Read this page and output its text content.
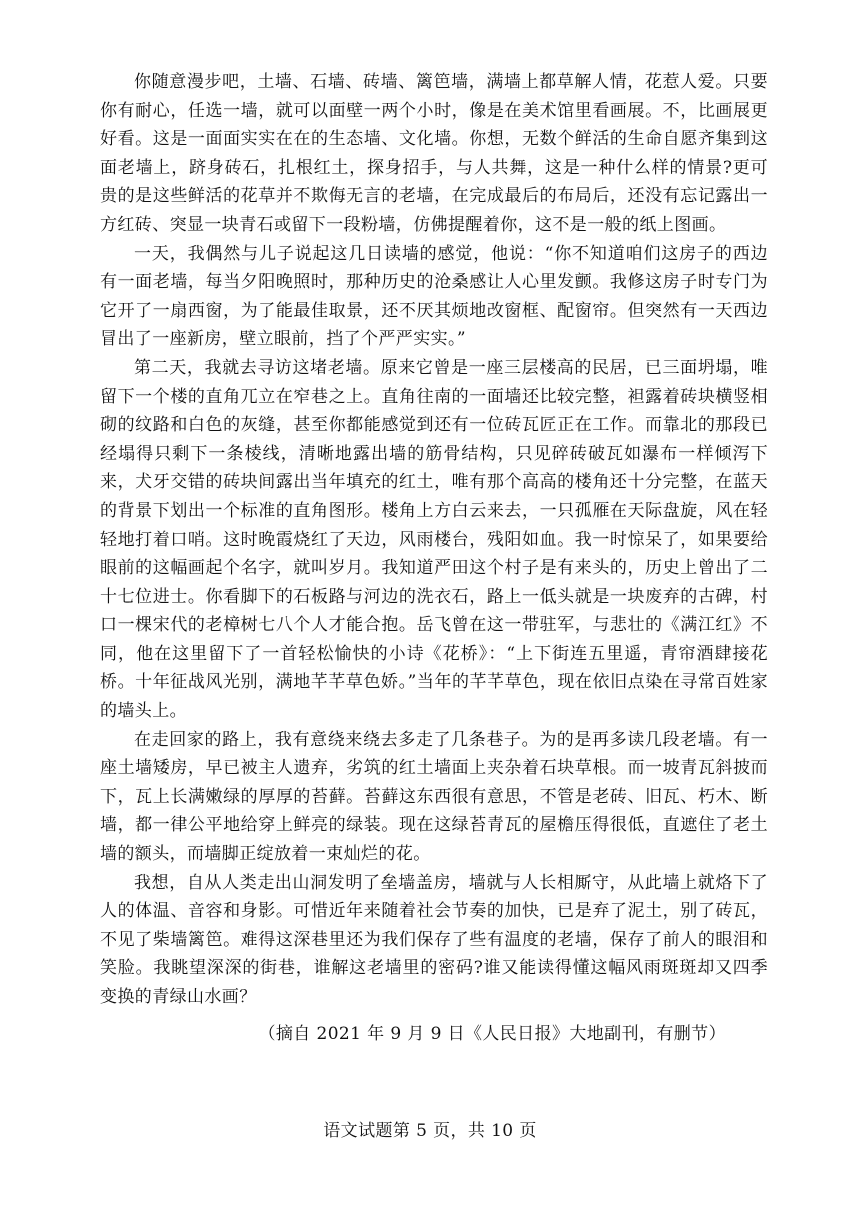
你随意漫步吧，土墙、石墙、砖墙、篱笆墙，满墙上都草解人情，花惹人爱。只要你有耐心，任选一墙，就可以面壁一两个小时，像是在美术馆里看画展。不，比画展更好看。这是一面面实实在在的生态墙、文化墙。你想，无数个鲜活的生命自愿齐集到这面老墙上，跻身砖石，扎根红土，探身招手，与人共舞，这是一种什么样的情景?更可贵的是这些鲜活的花草并不欺侮无言的老墙，在完成最后的布局后，还没有忘记露出一方红砖、突显一块青石或留下一段粉墙，仿佛提醒着你，这不是一般的纸上图画。

一天，我偶然与儿子说起这几日读墙的感觉，他说：“你不知道咱们这房子的西边有一面老墙，每当夕阳晚照时，那种历史的沧桑感让人心里发颤。我修这房子时专门为它开了一扇西窗，为了能最佳取景，还不厌其烦地改窗框、配窗帘。但突然有一天西边冒出了一座新房，壁立眼前，挡了个严严实实。”

第二天，我就去寻访这堵老墙。原来它曾是一座三层楼高的民居，已三面坍塌，唯留下一个楼的直角兀立在窄巷之上。直角往南的一面墙还比较完整，袒露着砖块横竖相砌的纹路和白色的灰缝，甚至你都能感觉到还有一位砖瓦匠正在工作。而靠北的那段已经塌得只剩下一条棱线，清晰地露出墙的筋骨结构，只见碎砖破瓦如瀑布一样倾泻下来，犬牙交错的砖块间露出当年填充的红土，唯有那个高高的楼角还十分完整，在蓝天的背景下划出一个标准的直角图形。楼角上方白云来去，一只孤雁在天际盘旋，风在轻轻地打着口哨。这时晚霞烧红了天边，风雨楼台，残阳如血。我一时惊呆了，如果要给眼前的这幅画起个名字，就叫岁月。我知道严田这个村子是有来头的，历史上曾出了二十七位进士。你看脚下的石板路与河边的洗衣石，路上一低头就是一块废弃的古碑，村口一棵宋代的老樟树七八个人才能合抱。岳飞曾在这一带驻军，与悲壮的《满江红》不同，他在这里留下了一首轻松愉快的小诗《花桥》：“上下街连五里遥，青帘酒肆接花桥。十年征战风光别，满地芊芊草色娇。”当年的芊芊草色，现在依旧点染在寻常百姓家的墙头上。

在走回家的路上，我有意绕来绕去多走了几条巷子。为的是再多读几段老墙。有一座土墙矮房，早已被主人遗弃，劣筑的红土墙面上夹杂着石块草根。而一坡青瓦斜披而下，瓦上长满嫩绿的厚厚的苔藓。苔藓这东西很有意思，不管是老砖、旧瓦、朽木、断墙，都一律公平地给穿上鲜亮的绿装。现在这绿苔青瓦的屋檐压得很低，直遮住了老土墙的额头，而墙脚正绽放着一束灿烂的花。

我想，自从人类走出山洞发明了垒墙盖房，墙就与人长相厮守，从此墙上就烙下了人的体温、音容和身影。可惜近年来随着社会节奏的加快，已是弃了泥土，别了砖瓦，不见了柴墙篱笆。难得这深巷里还为我们保存了些有温度的老墙，保存了前人的眼泪和笑脸。我眺望深深的街巷，谁解这老墙里的密码?谁又能读得懂这幅风雨斑斑却又四季变换的青绿山水画？

（摘自 2021 年 9 月 9 日《人民日报》大地副刊，有删节）

语文试题第 5 页，共 10 页
